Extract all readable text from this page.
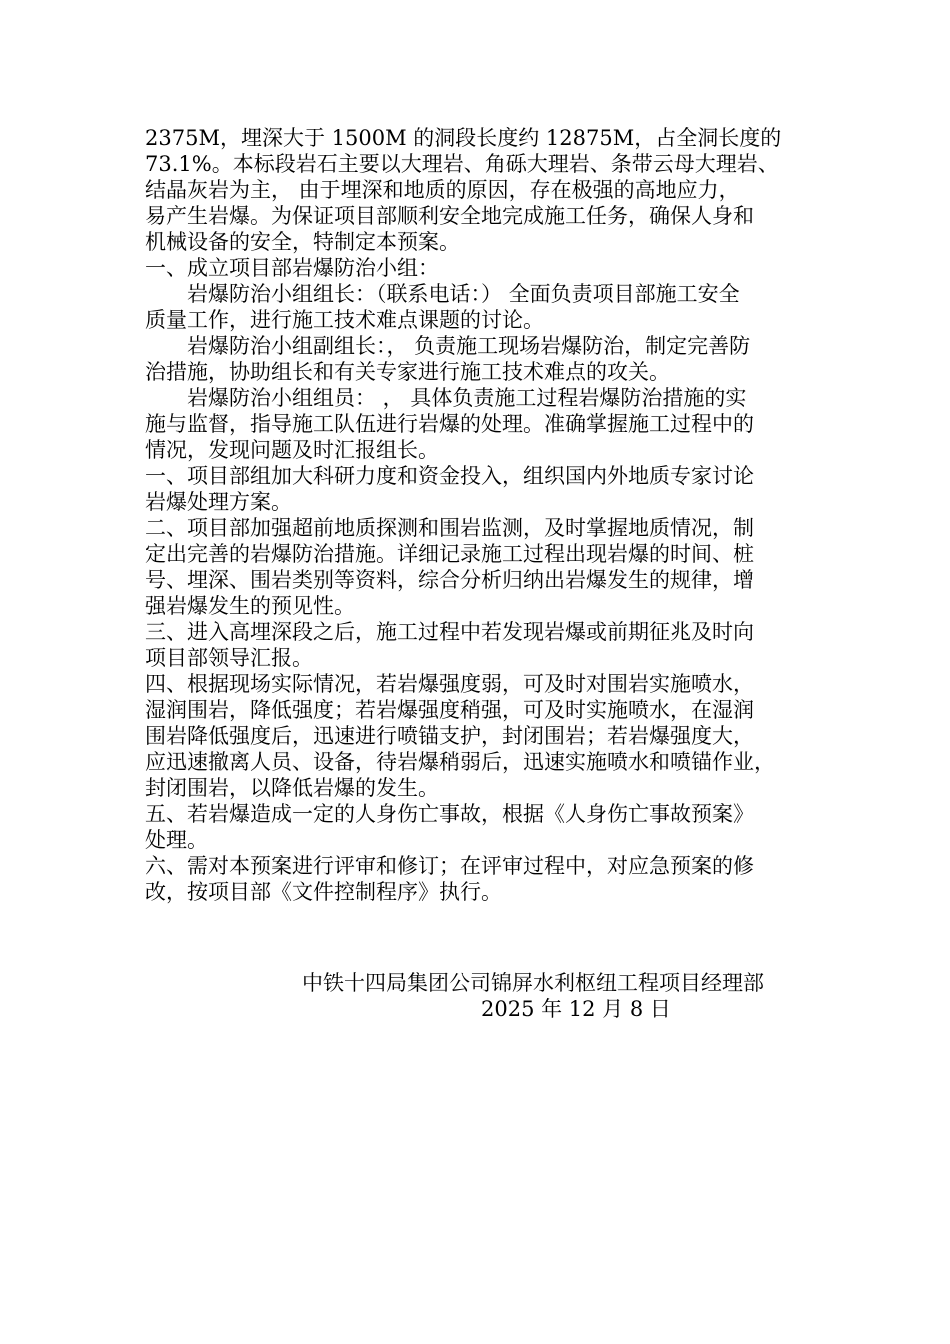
2375M，埋深大于 1500M 的洞段长度约 12875M，占全洞长度的
73.1%。本标段岩石主要以大理岩、角砾大理岩、条带云母大理岩、
结晶灰岩为主， 由于埋深和地质的原因，存在极强的高地应力，
易产生岩爆。为保证项目部顺利安全地完成施工任务，确保人身和
机械设备的安全，特制定本预案。
一、成立项目部岩爆防治小组：
岩爆防治小组组长：（联系电话：） 全面负责项目部施工安全
质量工作，进行施工技术难点课题的讨论。
岩爆防治小组副组长：， 负责施工现场岩爆防治，制定完善防
治措施，协助组长和有关专家进行施工技术难点的攻关。
岩爆防治小组组员： ， 具体负责施工过程岩爆防治措施的实
施与监督，指导施工队伍进行岩爆的处理。准确掌握施工过程中的
情况，发现问题及时汇报组长。
一、项目部组加大科研力度和资金投入，组织国内外地质专家讨论
岩爆处理方案。
二、项目部加强超前地质探测和围岩监测，及时掌握地质情况，制
定出完善的岩爆防治措施。详细记录施工过程出现岩爆的时间、桩
号、埋深、围岩类别等资料，综合分析归纳出岩爆发生的规律，增
强岩爆发生的预见性。
三、进入高埋深段之后，施工过程中若发现岩爆或前期征兆及时向
项目部领导汇报。
四、根据现场实际情况，若岩爆强度弱，可及时对围岩实施喷水，
湿润围岩，降低强度；若岩爆强度稍强，可及时实施喷水，在湿润
围岩降低强度后，迅速进行喷锚支护，封闭围岩；若岩爆强度大，
应迅速撤离人员、设备，待岩爆稍弱后，迅速实施喷水和喷锚作业，
封闭围岩，以降低岩爆的发生。
五、若岩爆造成一定的人身伤亡事故，根据《人身伤亡事故预案》
处理。
六、需对本预案进行评审和修订；在评审过程中，对应急预案的修
改，按项目部《文件控制程序》执行。
中铁十四局集团公司锦屏水利枢纽工程项目经理部
2025 年 12 月 8 日
